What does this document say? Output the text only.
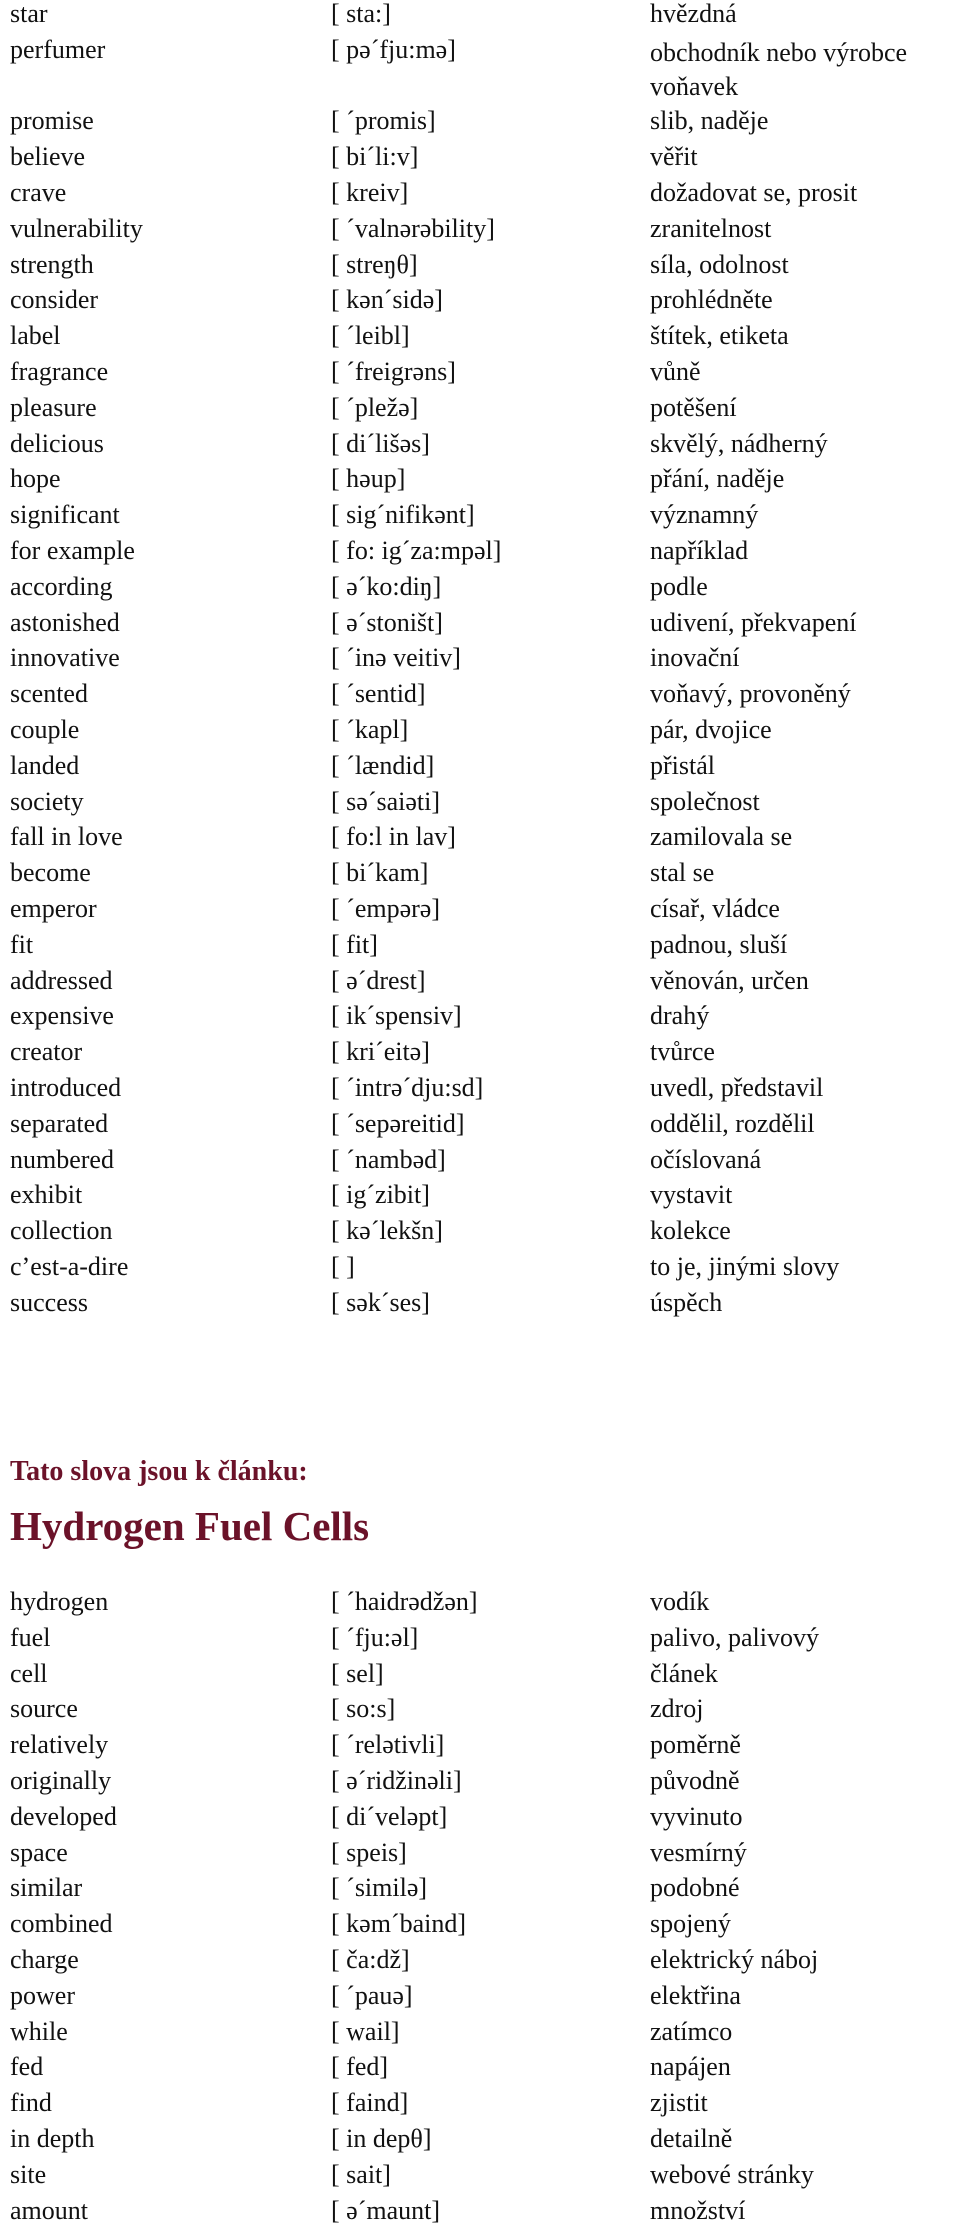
star	[ sta:]	hvězdná
perfumer	[ pə´fju:mə]	obchodník nebo výrobce voňavek
promise	[ ´promis]	slib, naděje
believe	[ bi´li:v]	věřit
crave	[ kreiv]	dožadovat se, prosit
vulnerability	[ ´valnərəbility]	zranitelnost
strength	[ streŋθ]	síla, odolnost
consider	[ kən´sidə]	prohlédněte
label	[ ´leibl]	štítek, etiketa
fragrance	[ ´freigrəns]	vůně
pleasure	[ ´pležə]	potěšení
delicious	[ di´lišəs]	skvělý, nádherný
hope	[ həup]	přání, naděje
significant	[ sig´nifikənt]	významný
for example	[ fo: ig´za:mpəl]	například
according	[ ə´ko:diŋ]	podle
astonished	[ ə´stoništ]	udivení, překvapení
innovative	[ ´inə veitiv]	inovační
scented	[ ´sentid]	voňavý, provoněný
couple	[ ´kapl]	pár, dvojice
landed	[ ´lændid]	přistál
society	[ sə´saiəti]	společnost
fall in love	[ fo:l in lav]	zamilovala se
become	[ bi´kam]	stal se
emperor	[ ´empərə]	císař, vládce
fit	[ fit]	padnou, sluší
addressed	[ ə´drest]	věnován, určen
expensive	[ ik´spensiv]	drahý
creator	[ kri´eitə]	tvůrce
introduced	[ ´intrə´dju:sd]	uvedl, představil
separated	[ ´sepəreitid]	oddělil, rozdělil
numbered	[ ´nambəd]	očíslovaná
exhibit	[ ig´zibit]	vystavit
collection	[ kə´lekšn]	kolekce
c’est-a-dire	[ ]	to je, jinými slovy
success	[ sək´ses]	úspěch
Tato slova jsou k článku:
Hydrogen Fuel Cells
hydrogen	[ ´haidrədžən]	vodík
fuel	[ ´fju:əl]	palivo, palivový
cell	[ sel]	článek
source	[ so:s]	zdroj
relatively	[ ´relətivli]	poměrně
originally	[ ə´ridžinəli]	původně
developed	[ di´veləpt]	vyvinuto
space	[ speis]	vesmírný
similar	[ ´similə]	podobné
combined	[ kəm´baind]	spojený
charge	[ ča:dž]	elektrický náboj
power	[ ´pauə]	elektřina
while	[ wail]	zatímco
fed	[ fed]	napájen
find	[ faind]	zjistit
in depth	[ in depθ]	detailně
site	[ sait]	webové stránky
amount	[ ə´maunt]	množství
